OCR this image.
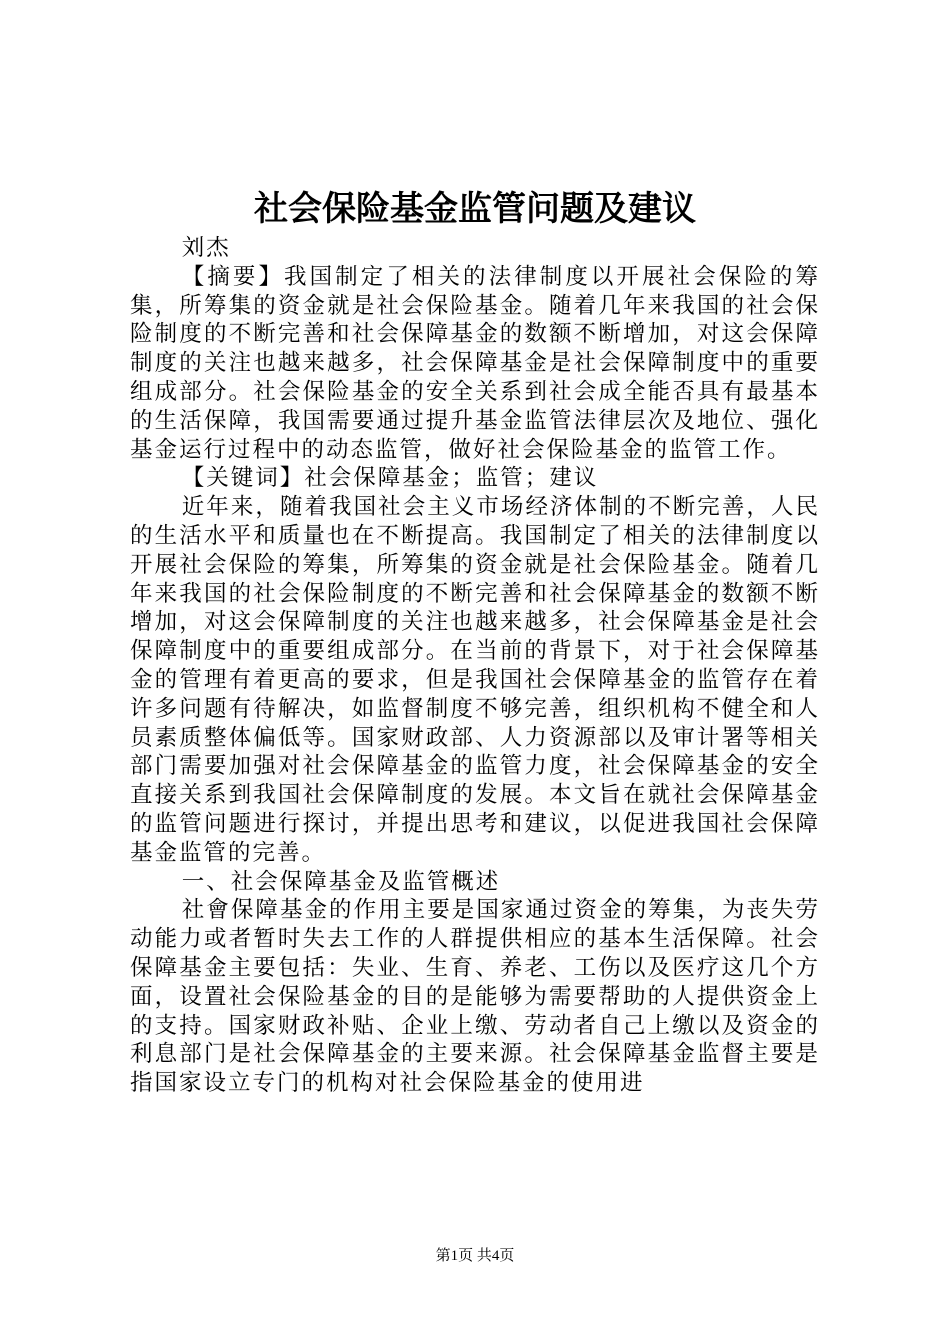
社会保险基金监管问题及建议

刘杰

【摘要】我国制定了相关的法律制度以开展社会保险的筹集，所筹集的资金就是社会保险基金。随着几年来我国的社会保险制度的不断完善和社会保障基金的数额不断增加，对这会保障制度的关注也越来越多，社会保障基金是社会保障制度中的重要组成部分。社会保险基金的安全关系到社会成全能否具有最基本的生活保障，我国需要通过提升基金监管法律层次及地位、强化基金运行过程中的动态监管，做好社会保险基金的监管工作。

【关键词】社会保障基金；监管；建议

近年来，随着我国社会主义市场经济体制的不断完善，人民的生活水平和质量也在不断提高。我国制定了相关的法律制度以开展社会保险的筹集，所筹集的资金就是社会保险基金。随着几年来我国的社会保险制度的不断完善和社会保障基金的数额不断增加，对这会保障制度的关注也越来越多，社会保障基金是社会保障制度中的重要组成部分。在当前的背景下，对于社会保障基金的管理有着更高的要求，但是我国社会保障基金的监管存在着许多问题有待解决，如监督制度不够完善，组织机构不健全和人员素质整体偏低等。国家财政部、人力资源部以及审计署等相关部门需要加强对社会保障基金的监管力度，社会保障基金的安全直接关系到我国社会保障制度的发展。本文旨在就社会保障基金的监管问题进行探讨，并提出思考和建议，以促进我国社会保障基金监管的完善。

一、社会保障基金及监管概述

社會保障基金的作用主要是国家通过资金的筹集，为丧失劳动能力或者暂时失去工作的人群提供相应的基本生活保障。社会保障基金主要包括：失业、生育、养老、工伤以及医疗这几个方面，设置社会保险基金的目的是能够为需要帮助的人提供资金上的支持。国家财政补贴、企业上缴、劳动者自己上缴以及资金的利息部门是社会保障基金的主要来源。社会保障基金监督主要是指国家设立专门的机构对社会保险基金的使用进

第1页 共4页
